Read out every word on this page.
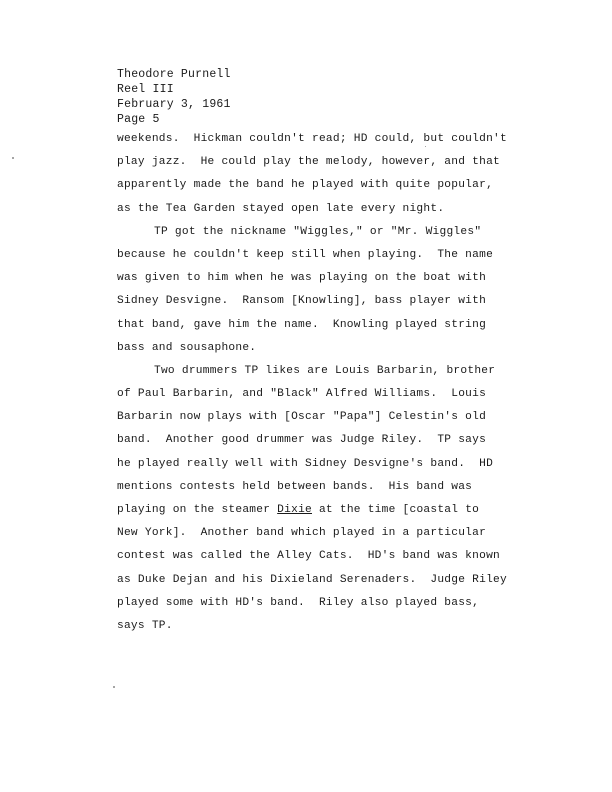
Theodore Purnell
Reel III
February 3, 1961
Page 5
weekends.  Hickman couldn't read; HD could, but couldn't
play jazz.  He could play the melody, however, and that
apparently made the band he played with quite popular,
as the Tea Garden stayed open late every night.
TP got the nickname "Wiggles," or "Mr. Wiggles"
because he couldn't keep still when playing.  The name
was given to him when he was playing on the boat with
Sidney Desvigne.  Ransom [Knowling], bass player with
that band, gave him the name.  Knowling played string
bass and sousaphone.
Two drummers TP likes are Louis Barbarin, brother
of Paul Barbarin, and "Black" Alfred Williams.  Louis
Barbarin now plays with [Oscar "Papa"] Celestin's old
band.  Another good drummer was Judge Riley.  TP says
he played really well with Sidney Desvigne's band.  HD
mentions contests held between bands.  His band was
playing on the steamer Dixie at the time [coastal to
New York].  Another band which played in a particular
contest was called the Alley Cats.  HD's band was known
as Duke Dejan and his Dixieland Serenaders.  Judge Riley
played some with HD's band.  Riley also played bass,
says TP.
